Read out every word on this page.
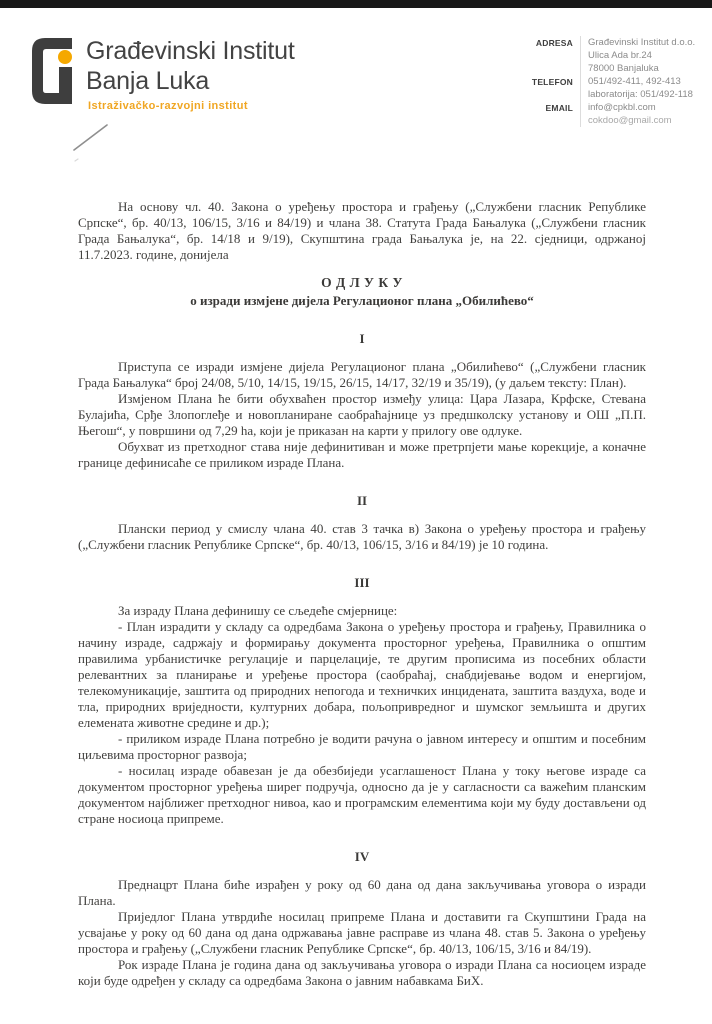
Građevinski Institut
Banja Luka
Istraživačko-razvojni institut
ADRESA	Građevinski Institut d.o.o.
Ulica Ada br.24
78000 Banjaluka
TELEFON	051/492-411, 492-413
laboratorija: 051/492-118
EMAIL	info@cpkbl.com
cokdoo@gmail.com

На основу чл. 40. Закона о уређењу простора и грађењу („Службени гласник Републике Српске“, бр. 40/13, 106/15, 3/16 и 84/19) и члана 38. Статута Града Бањалука („Службени гласник Града Бањалука“, бр. 14/18 и 9/19), Скупштина града Бањалука је, на 22. сједници, одржаној 11.7.2023. године, донијела

О Д Л У К У
о изради измјене дијела Регулационог плана „Обилићево“
I

Приступа се изради измјене дијела Регулационог плана „Обилићево“ („Службени гласник Града Бањалука“ број 24/08, 5/10, 14/15, 19/15, 26/15, 14/17, 32/19 и 35/19), (у даљем тексту: План).

Измјеном Плана ће бити обухваћен простор између улица: Цара Лазара, Крфске, Стевана Булајића, Срђе Злопоглеђе и новопланиране саобраћајнице уз предшколску установу и ОШ „П.П. Његош“, у површини од 7,29 ha, који је приказан на карти у прилогу ове одлуке.

Обухват из претходног става није дефинитиван и може претрпјети мање корекције, а коначне границе дефинисаће се приликом израде Плана.

II

Плански период у смислу члана 40. став 3 тачка в) Закона о уређењу простора и грађењу („Службени гласник Републике Српске“, бр. 40/13, 106/15, 3/16 и 84/19) је 10 година.

III

За израду Плана дефинишу се сљедеће смјернице:

- План израдити у складу са одредбама Закона о уређењу простора и грађењу, Правилника о начину израде, садржају и формирању документа просторног уређења, Правилника о општим правилима урбанистичке регулације и парцелације, те другим прописима из посебних области релевантних за планирање и уређење простора (саобраћај, снабдијевање водом и енергијом, телекомуникације, заштита од природних непогода и техничких инцидената, заштита ваздуха, воде и тла, природних вриједности, културних добара, пољопривредног и шумског земљишта и других елемената животне средине и др.);

- приликом израде Плана потребно је водити рачуна о јавном интересу и општим и посебним циљевима просторног развоја;

- носилац израде обавезан је да обезбиједи усаглашеност Плана у току његове израде са документом просторног уређења ширег подручја, односно да је у сагласности са важећим планским документом најближег претходног нивоа, као и програмским елементима који му буду достављени од стране носиоца припреме.

IV

Преднацрт Плана биће израђен у року од 60 дана од дана закључивања уговора о изради Плана.

Приједлог Плана утврдиће носилац припреме Плана и доставити га Скупштини Града на усвајање у року од 60 дана од дана одржавања јавне расправе из члана 48. став 5. Закона о уређењу простора и грађењу („Службени гласник Републике Српске“, бр. 40/13, 106/15, 3/16 и 84/19).

Рок израде Плана је година дана од закључивања уговора о изради Плана са носиоцем израде који буде одређен у складу са одредбама Закона о јавним набавкама БиХ.
